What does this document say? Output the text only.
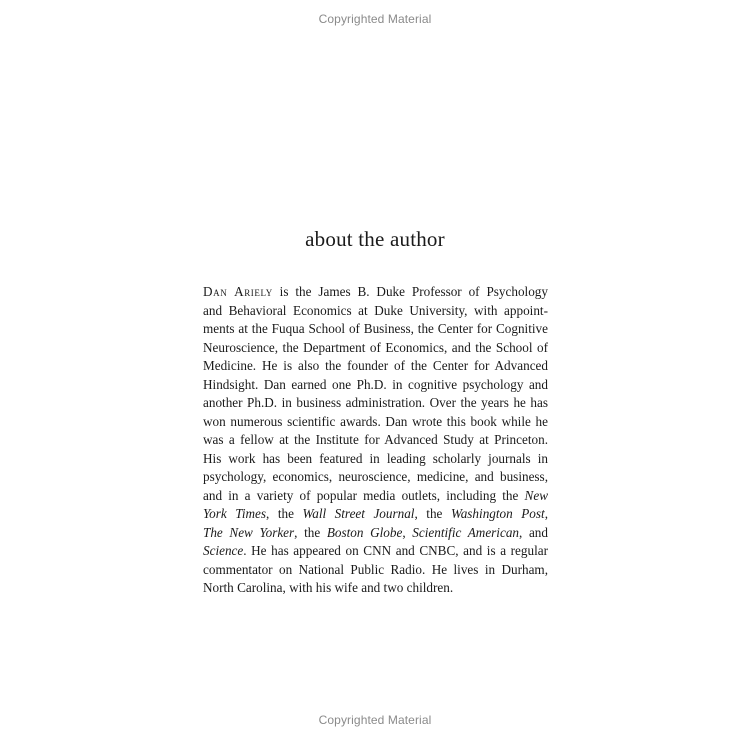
Copyrighted Material
about the author
Dan Ariely is the James B. Duke Professor of Psychology
and Behavioral Economics at Duke University, with appoint-
ments at the Fuqua School of Business, the Center for Cognitive
Neuroscience, the Department of Economics, and the School of
Medicine. He is also the founder of the Center for Advanced
Hindsight. Dan earned one Ph.D. in cognitive psychology and
another Ph.D. in business administration. Over the years he has
won numerous scientific awards. Dan wrote this book while he
was a fellow at the Institute for Advanced Study at Princeton.
His work has been featured in leading scholarly journals in
psychology, economics, neuroscience, medicine, and business,
and in a variety of popular media outlets, including the New
York Times, the Wall Street Journal, the Washington Post,
The New Yorker, the Boston Globe, Scientific American, and
Science. He has appeared on CNN and CNBC, and is a regular
commentator on National Public Radio. He lives in Durham,
North Carolina, with his wife and two children.
Copyrighted Material
